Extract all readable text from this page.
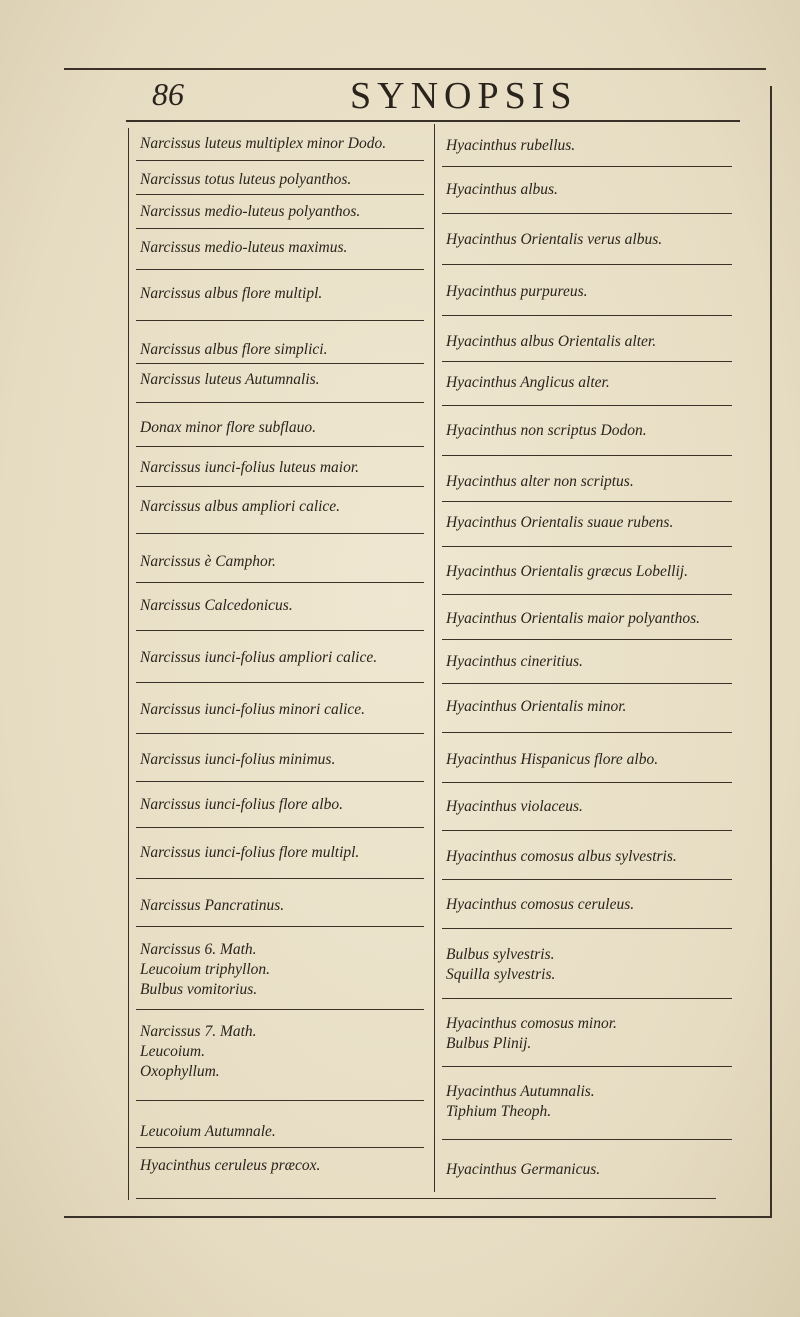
86	SYNOPSIS
Narcissus luteus multiplex minor Dodo.
Narcissus totus luteus polyanthos.
Narcissus medio-luteus polyanthos.
Narcissus medio-luteus maximus.
Narcissus albus flore multipl.
Narcissus albus flore simplici.
Narcissus luteus Autumnalis.
Donax minor flore subflauo.
Narcissus iunci-folius luteus maior.
Narcissus albus ampliori calice.
Narcissus è Camphor.
Narcissus Calcedonicus.
Narcissus iunci-folius ampliori calice.
Narcissus iunci-folius minori calice.
Narcissus iunci-folius minimus.
Narcissus iunci-folius flore albo.
Narcissus iunci-folius flore multipl.
Narcissus Pancratinus.
Narcissus 6. Math.
Leucoium triphyllon.
Bulbus vomitorius.
Narcissus 7. Math.
Leucoium.
Oxophyllum.
Leucoium Autumnale.
Hyacinthus ceruleus præcox.
Hyacinthus rubellus.
Hyacinthus albus.
Hyacinthus Orientalis verus albus.
Hyacinthus purpureus.
Hyacinthus albus Orientalis alter.
Hyacinthus Anglicus alter.
Hyacinthus non scriptus Dodon.
Hyacinthus alter non scriptus.
Hyacinthus Orientalis suaue rubens.
Hyacinthus Orientalis græcus Lobellij.
Hyacinthus Orientalis maior polyanthos.
Hyacinthus cineritius.
Hyacinthus Orientalis minor.
Hyacinthus Hispanicus flore albo.
Hyacinthus violaceus.
Hyacinthus comosus albus sylvestris.
Hyacinthus comosus ceruleus.
Bulbus sylvestris.
Squilla sylvestris.
Hyacinthus comosus minor.
Bulbus Plinij.
Hyacinthus Autumnalis.
Tiphium Theoph.
Hyacinthus Germanicus.
